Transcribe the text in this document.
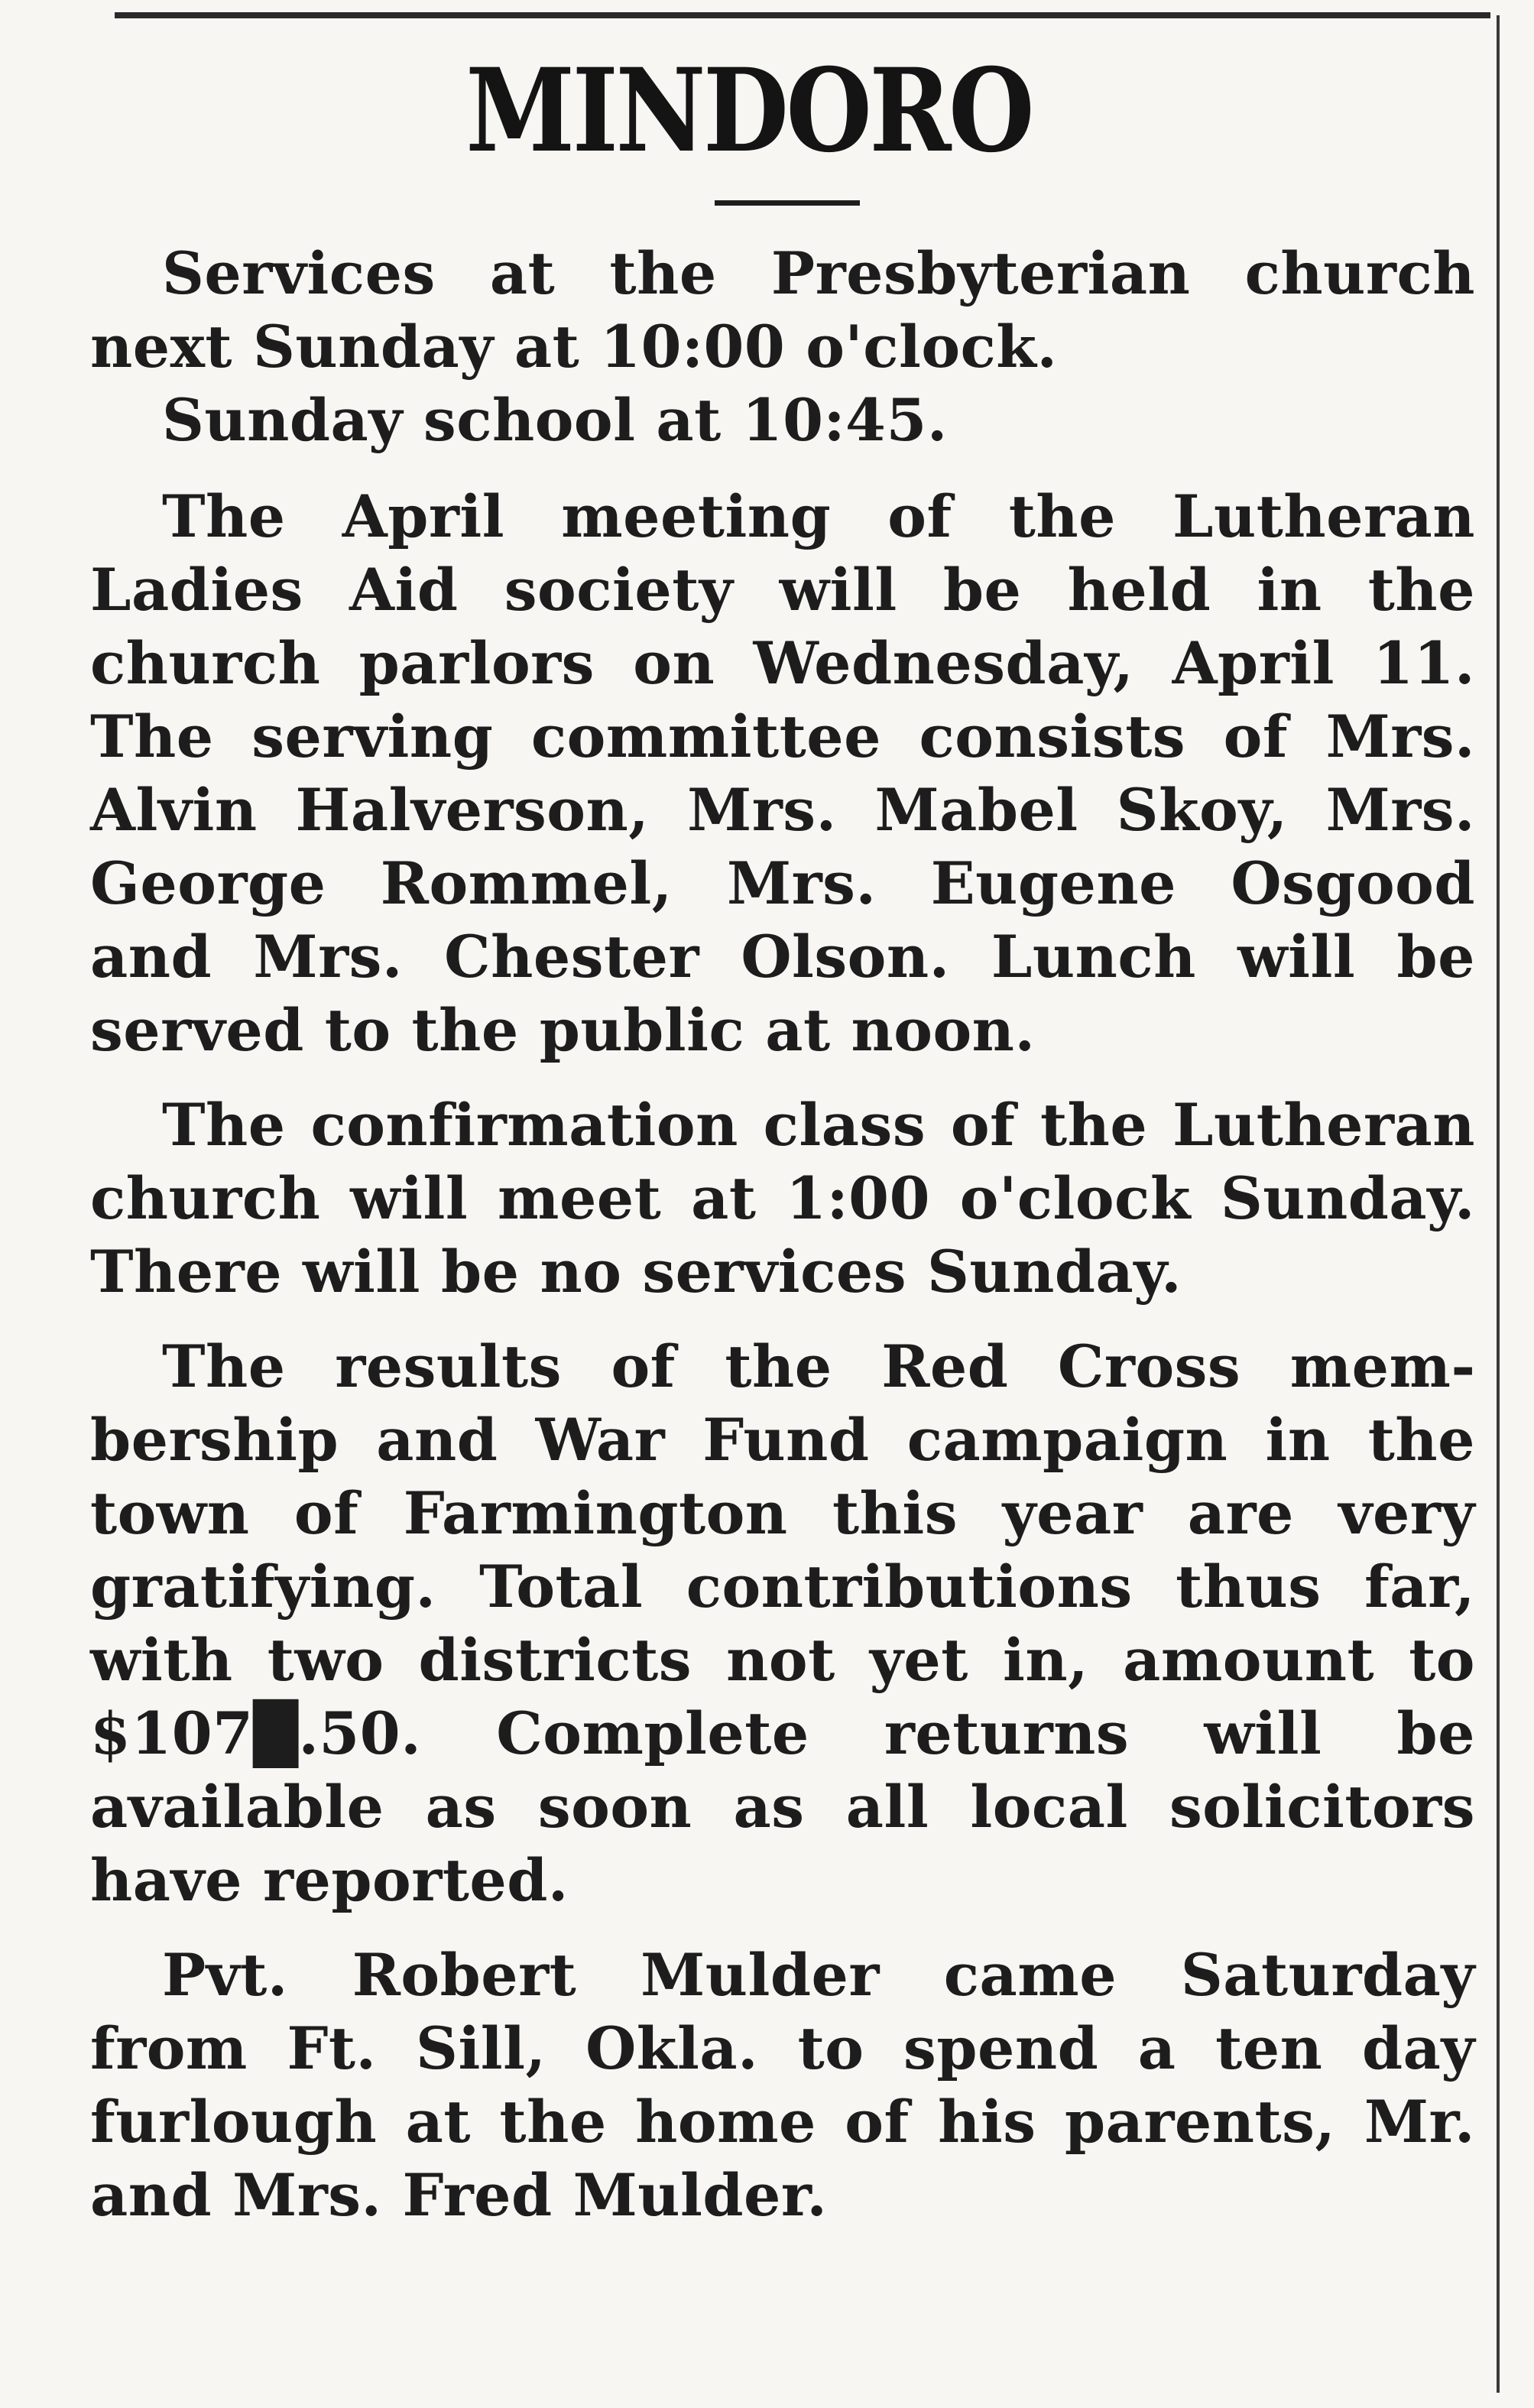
MINDORO

Services at the Presbyterian church next Sunday at 10:00 o'clock.

Sunday school at 10:45.

The April meeting of the Lutheran Ladies Aid society will be held in the church parlors on Wednesday, April 11. The serving committee consists of Mrs. Alvin Halverson, Mrs. Mabel Skoy, Mrs. George Rommel, Mrs. Eugene Osgood and Mrs. Chester Olson. Lunch will be served to the public at noon.

The confirmation class of the Lutheran church will meet at 1:00 o'clock Sunday. There will be no services Sunday.

The results of the Red Cross membership and War Fund campaign in the town of Farmington this year are very gratifying. Total contributions thus far, with two districts not yet in, amount to $107█.50. Complete returns will be available as soon as all local solicitors have reported.

Pvt. Robert Mulder came Saturday from Ft. Sill, Okla. to spend a ten day furlough at the home of his parents, Mr. and Mrs. Fred Mulder.
